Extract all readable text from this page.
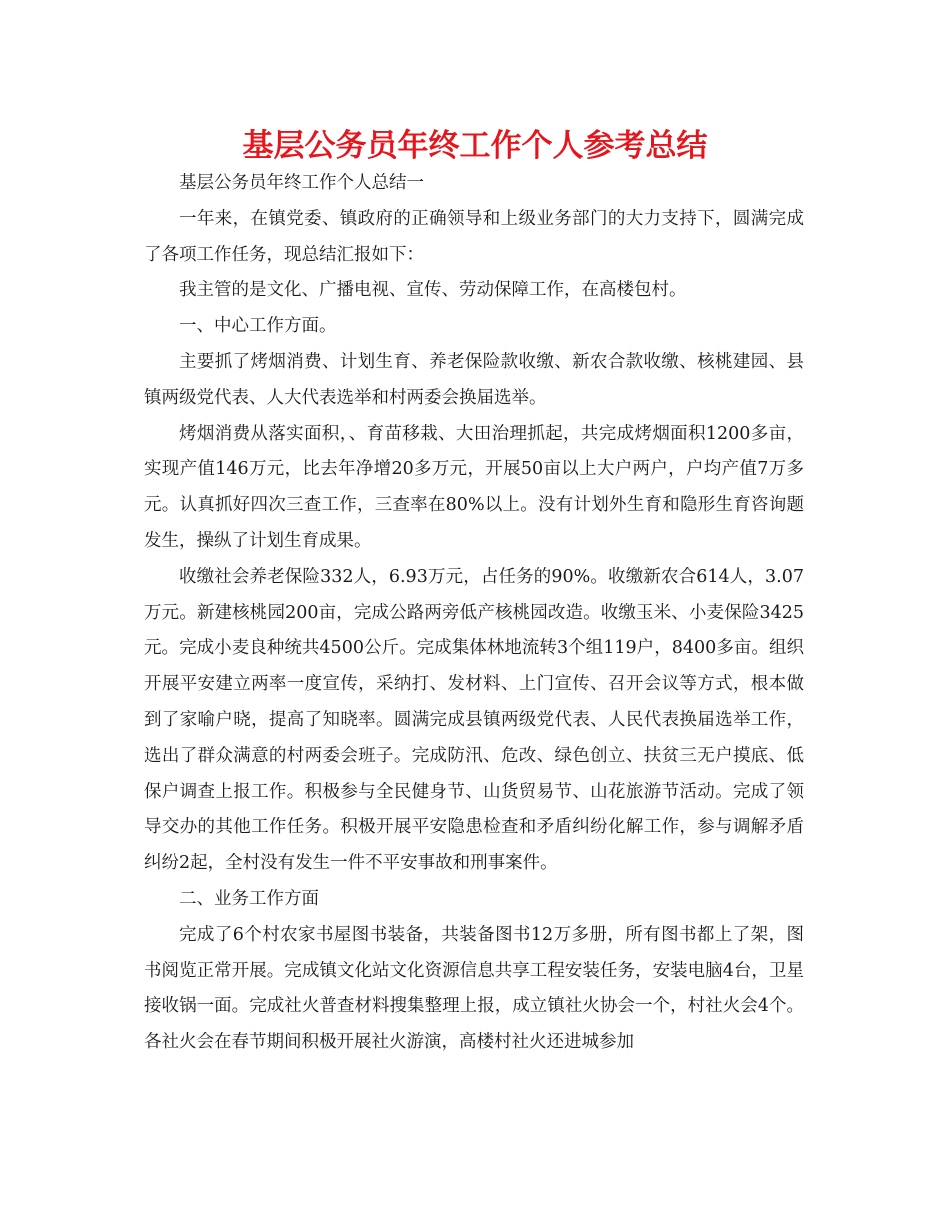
基层公务员年终工作个人参考总结

基层公务员年终工作个人总结一

一年来，在镇党委、镇政府的正确领导和上级业务部门的大力支持下，圆满完成了各项工作任务，现总结汇报如下：

我主管的是文化、广播电视、宣传、劳动保障工作，在高楼包村。

一、中心工作方面。

主要抓了烤烟消费、计划生育、养老保险款收缴、新农合款收缴、核桃建园、县镇两级党代表、人大代表选举和村两委会换届选举。

烤烟消费从落实面积，、育苗移栽、大田治理抓起，共完成烤烟面积1200多亩，实现产值146万元，比去年净增20多万元，开展50亩以上大户两户，户均产值7万多元。认真抓好四次三查工作，三查率在80%以上。没有计划外生育和隐形生育咨询题发生，操纵了计划生育成果。

收缴社会养老保险332人，6.93万元，占任务的90%。收缴新农合614人，3.07万元。新建核桃园200亩，完成公路两旁低产核桃园改造。收缴玉米、小麦保险3425元。完成小麦良种统共4500公斤。完成集体林地流转3个组119户，8400多亩。组织开展平安建立两率一度宣传，采纳打、发材料、上门宣传、召开会议等方式，根本做到了家喻户晓，提高了知晓率。圆满完成县镇两级党代表、人民代表换届选举工作，选出了群众满意的村两委会班子。完成防汛、危改、绿色创立、扶贫三无户摸底、低保户调查上报工作。积极参与全民健身节、山货贸易节、山花旅游节活动。完成了领导交办的其他工作任务。积极开展平安隐患检查和矛盾纠纷化解工作，参与调解矛盾纠纷2起，全村没有发生一件不平安事故和刑事案件。

二、业务工作方面

完成了6个村农家书屋图书装备，共装备图书12万多册，所有图书都上了架，图书阅览正常开展。完成镇文化站文化资源信息共享工程安装任务，安装电脑4台，卫星接收锅一面。完成社火普查材料搜集整理上报，成立镇社火协会一个，村社火会4个。各社火会在春节期间积极开展社火游演，高楼村社火还进城参加
